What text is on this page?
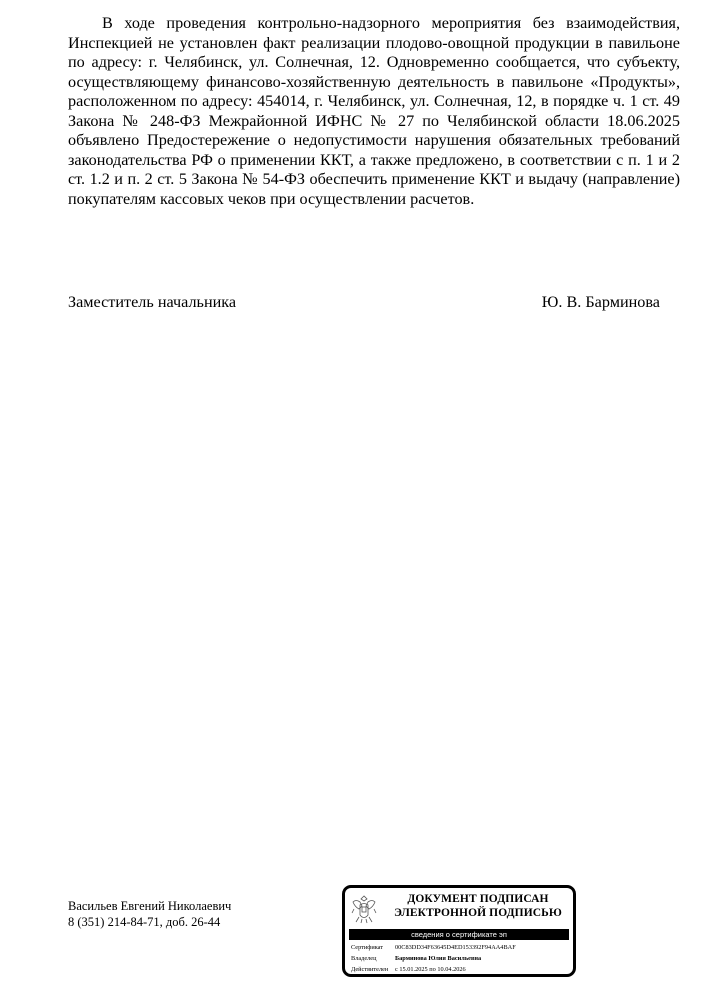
В ходе проведения контрольно-надзорного мероприятия без взаимодействия, Инспекцией не установлен факт реализации плодово-овощной продукции в павильоне по адресу: г. Челябинск, ул. Солнечная, 12. Одновременно сообщается, что субъекту, осуществляющему финансово-хозяйственную деятельность в павильоне «Продукты», расположенном по адресу: 454014, г. Челябинск, ул. Солнечная, 12, в порядке ч. 1 ст. 49 Закона № 248-ФЗ Межрайонной ИФНС № 27 по Челябинской области 18.06.2025 объявлено Предостережение о недопустимости нарушения обязательных требований законодательства РФ о применении ККТ, а также предложено, в соответствии с п. 1 и 2 ст. 1.2 и п. 2 ст. 5 Закона № 54-ФЗ обеспечить применение ККТ и выдачу (направление) покупателям кассовых чеков при осуществлении расчетов.

Заместитель начальника	Ю. В. Барминова
Васильев Евгений Николаевич
8 (351) 214-84-71, доб. 26-44
ДОКУМЕНТ ПОДПИСАН
ЭЛЕКТРОННОЙ ПОДПИСЬЮ
сведения о сертификате эп
Сертификат 00C83DD34F63645D4ED153392F94AA4BAF
Владелец	Барминова Юлия Васильевна
Действителен с 15.01.2025 по 10.04.2026
